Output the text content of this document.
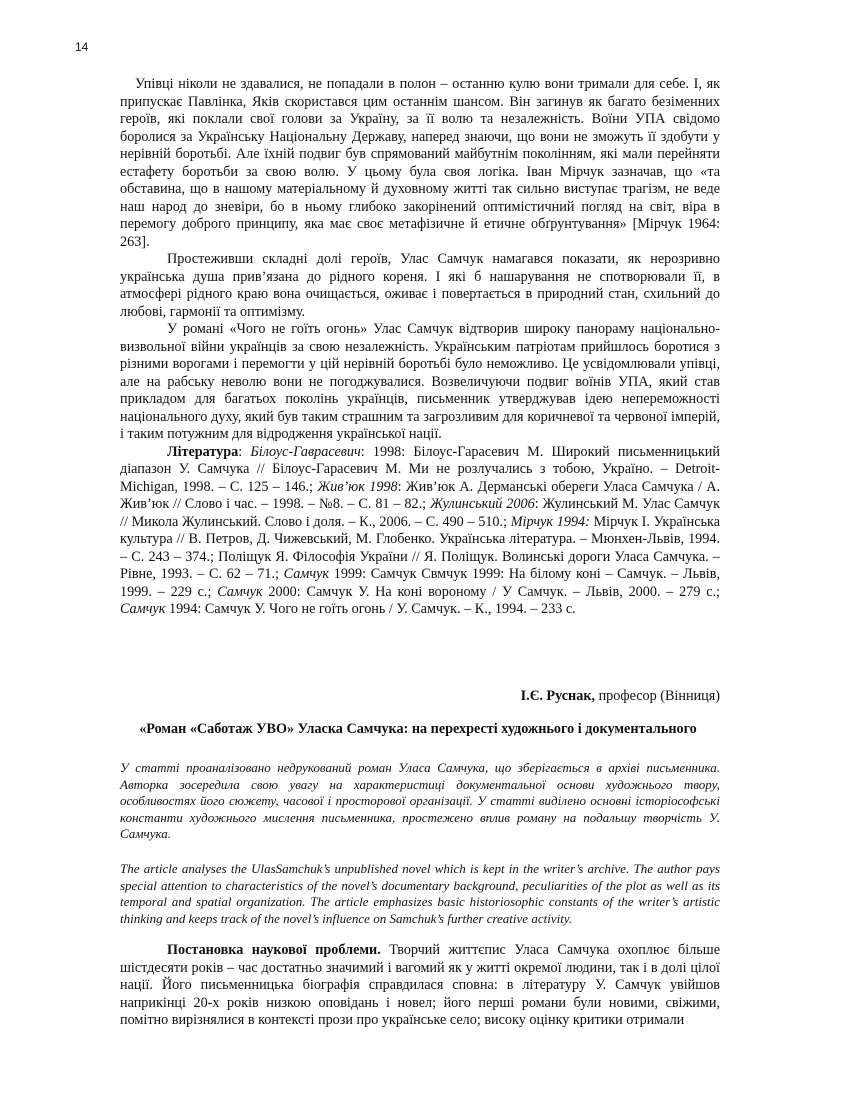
14

Упівці ніколи не здавалися, не попадали в полон – останню кулю вони тримали для себе. І, як припускає Павлінка, Яків скористався цим останнім шансом. Він загинув як багато безіменних героїв, які поклали свої голови за Україну, за її волю та незалежність. Воїни УПА свідомо боролися за Українську Національну Державу, наперед знаючи, що вони не зможуть її здобути у нерівній боротьбі. Але їхній подвиг був спрямований майбутнім поколінням, які мали перейняти естафету боротьби за свою волю. У цьому була своя логіка. Іван Мірчук зазначав, що «та обставина, що в нашому матеріальному й духовному житті так сильно виступає трагізм, не веде наш народ до зневіри, бо в ньому глибоко закорінений оптимістичний погляд на світ, віра в перемогу доброго принципу, яка має своє метафізичне й етичне обґрунтування» [Мірчук 1964: 263].

Простеживши складні долі героїв, Улас Самчук намагався показати, як нерозривно українська душа прив’язана до рідного кореня. І які б нашарування не спотворювали її, в атмосфері рідного краю вона очищається, оживає і повертається в природний стан, схильний до любові, гармонії та оптимізму.

У романі «Чого не гоїть огонь» Улас Самчук відтворив широку панораму національно-визвольної війни українців за свою незалежність. Українським патріотам прийшлось боротися з різними ворогами і перемогти у цій нерівній боротьбі було неможливо. Це усвідомлювали упівці, але на рабську неволю вони не погоджувалися. Возвеличуючи подвиг воїнів УПА, який став прикладом для багатьох поколінь українців, письменник утверджував ідею непереможності національного духу, який був таким страшним та загрозливим для коричневої та червоної імперій, і таким потужним для відродження української нації.

Література: Білоус-Гаврасевич: 1998: Білоус-Гарасевич М. Широкий письменницький діапазон У. Самчука // Білоус-Гарасевич М. Ми не розлучались з тобою, Україно. – Detroit-Michigan, 1998. – С. 125 – 146.; Жив’юк 1998: Жив’юк А. Дерманські обереги Уласа Самчука / А. Жив’юк // Слово і час. – 1998. – №8. – С. 81 – 82.; Жулинський 2006: Жулинський М. Улас Самчук // Микола Жулинський. Слово і доля. – К., 2006. – С. 490 – 510.; Мірчук 1994: Мірчук І. Українська культура // В. Петров, Д. Чижевський, М. Глобенко. Українська література. – Мюнхен-Львів, 1994. – С. 243 – 374.; Поліщук Я. Філософія України // Я. Поліщук. Волинські дороги Уласа Самчука. – Рівне, 1993. – С. 62 – 71.; Самчук 1999: Самчук Свмчук 1999: На білому коні – Самчук. – Львів, 1999. – 229 с.; Самчук 2000: Самчук У. На коні вороному / У Самчук. – Львів, 2000. – 279 с.; Самчук 1994: Самчук У. Чого не гоїть огонь / У. Самчук. – К., 1994. – 233 с.

І.Є. Руснак, професор (Вінниця)
«Роман «Саботаж УВО» Уласка Самчука: на перехресті художнього і документального

У статті проаналізовано недрукований роман Уласа Самчука, що зберігається в архіві письменника. Авторка зосередила свою увагу на характеристиці документальної основи художнього твору, особливостях його сюжету, часової і просторової організації. У статті виділено основні історіософські константи художнього мислення письменника, простежено вплив роману на подальшу творчість У. Самчука.

The article analyses the UlasSamchuk’s unpublished novel which is kept in the writer’s archive. The author pays special attention to characteristics of the novel’s documentary background, peculiarities of the plot as well as its temporal and spatial organization. The article emphasizes basic historiosophic constants of the writer’s artistic thinking and keeps track of the novel’s influence on Samchuk’s further creative activity.

Постановка наукової проблеми. Творчий життєпис Уласа Самчука охоплює більше шістдесяти років – час достатньо значимий і вагомий як у житті окремої людини, так і в долі цілої нації. Його письменницька біографія справдилася сповна: в літературу У. Самчук увійшов наприкінці 20-х років низкою оповідань і новел; його перші романи були новими, свіжими, помітно вирізнялися в контексті прози про українське село; високу оцінку критики отримали
